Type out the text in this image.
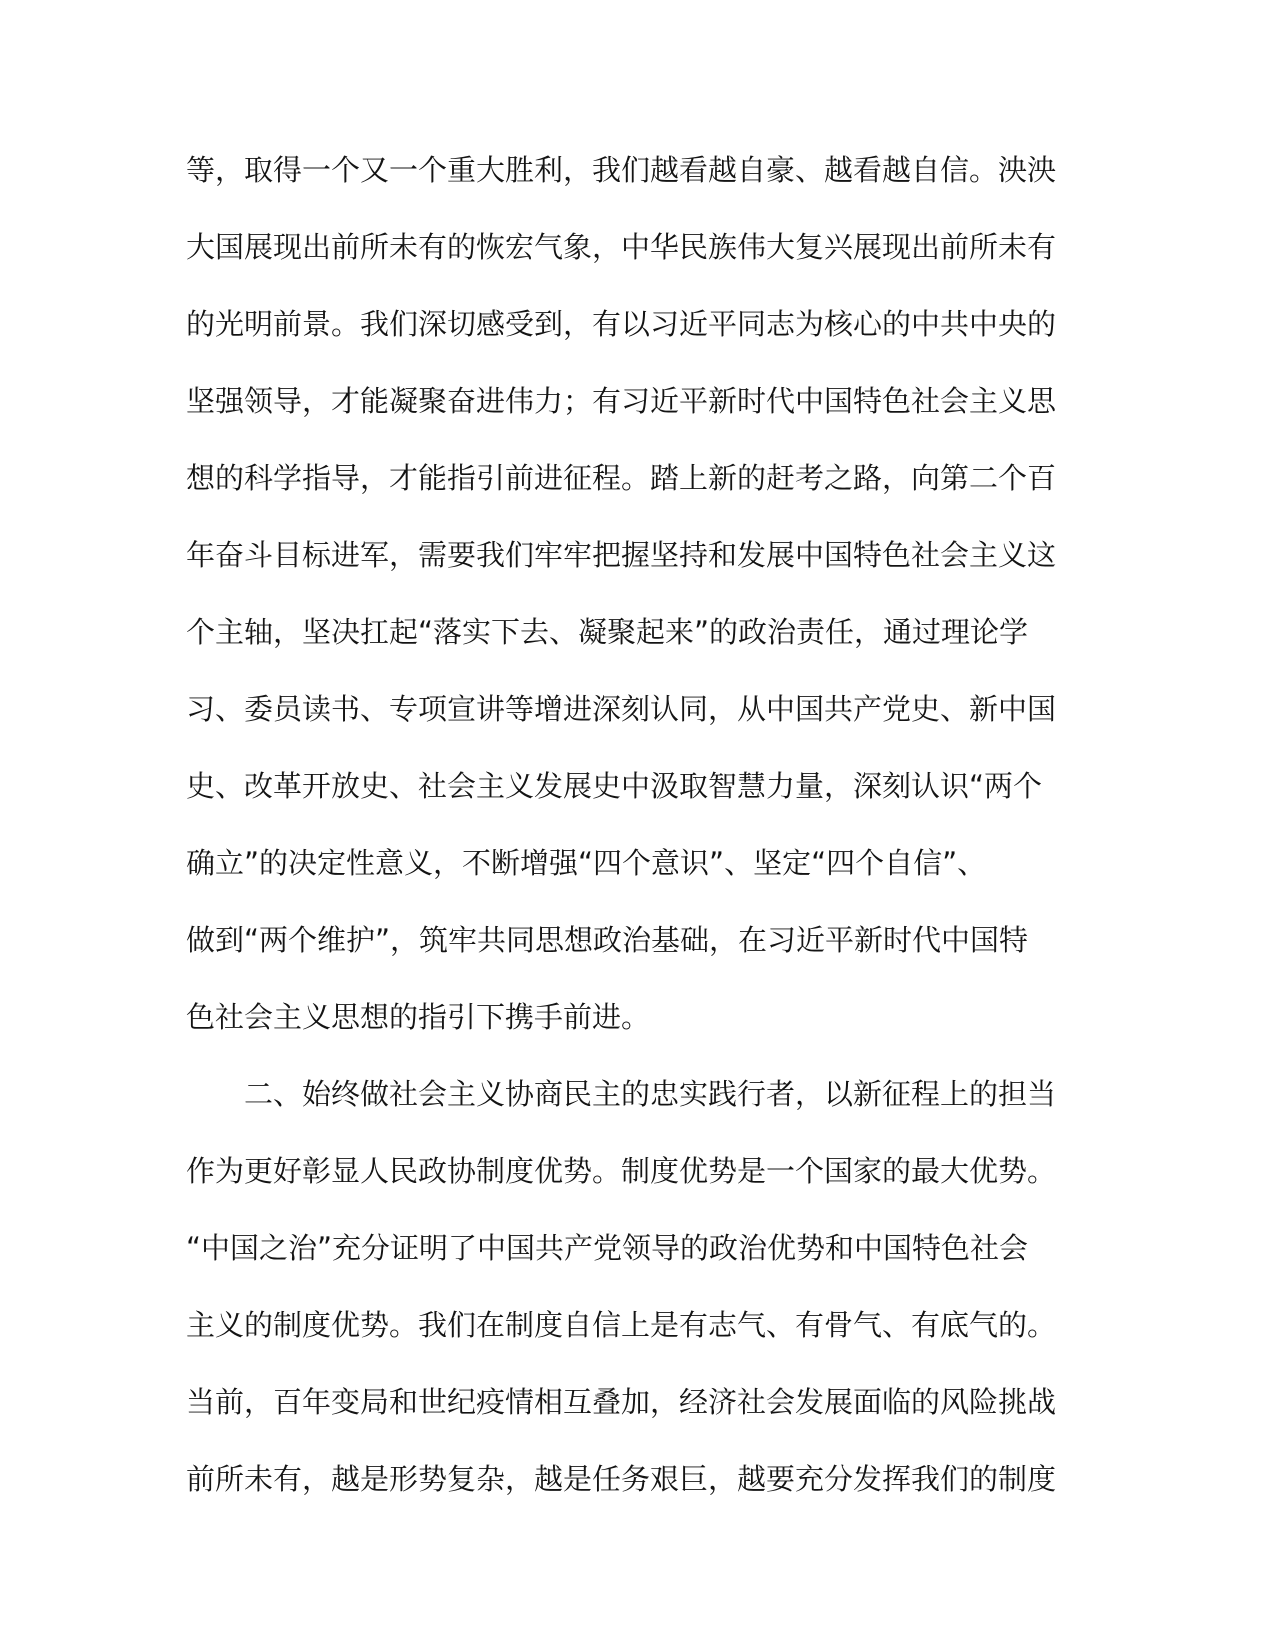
等，取得一个又一个重大胜利，我们越看越自豪、越看越自信。泱泱
大国展现出前所未有的恢宏气象，中华民族伟大复兴展现出前所未有
的光明前景。我们深切感受到，有以习近平同志为核心的中共中央的
坚强领导，才能凝聚奋进伟力；有习近平新时代中国特色社会主义思
想的科学指导，才能指引前进征程。踏上新的赶考之路，向第二个百
年奋斗目标进军，需要我们牢牢把握坚持和发展中国特色社会主义这
个主轴，坚决扛起“落实下去、凝聚起来”的政治责任，通过理论学
习、委员读书、专项宣讲等增进深刻认同，从中国共产党史、新中国
史、改革开放史、社会主义发展史中汲取智慧力量，深刻认识“两个
确立”的决定性意义，不断增强“四个意识”、坚定“四个自信”、
做到“两个维护”，筑牢共同思想政治基础，在习近平新时代中国特
色社会主义思想的指引下携手前进。
二、始终做社会主义协商民主的忠实践行者，以新征程上的担当
作为更好彰显人民政协制度优势。制度优势是一个国家的最大优势。
“中国之治”充分证明了中国共产党领导的政治优势和中国特色社会
主义的制度优势。我们在制度自信上是有志气、有骨气、有底气的。
当前，百年变局和世纪疫情相互叠加，经济社会发展面临的风险挑战
前所未有，越是形势复杂，越是任务艰巨，越要充分发挥我们的制度
